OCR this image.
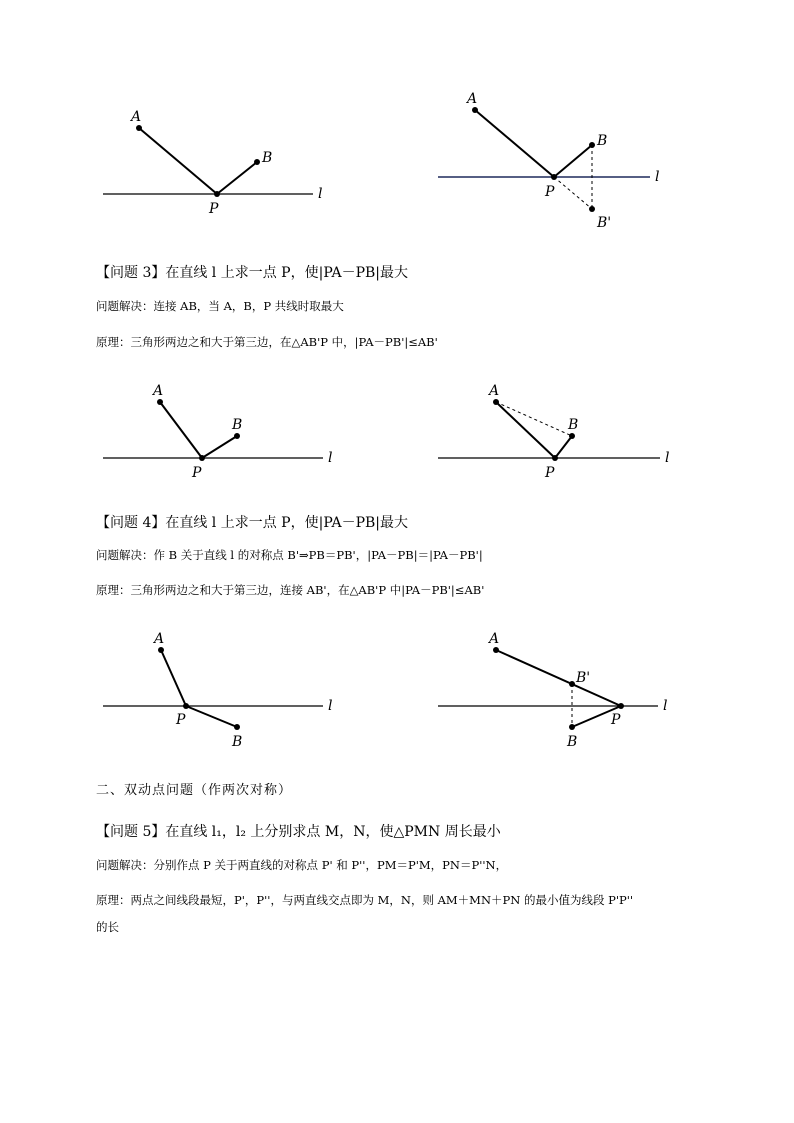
A
B
P
l
A
B
P
B'
l
A
B
P
l
A
B
P
l
A
B
P
l
A
B'
B
P
l
【问题 3】在直线 l 上求一点 P，使|PA－PB|最大
问题解决：连接 AB，当 A，B，P 共线时取最大
原理：三角形两边之和大于第三边，在△AB'P 中，|PA－PB'|≤AB'
【问题 4】在直线 l 上求一点 P，使|PA－PB|最大
问题解决：作 B 关于直线 l 的对称点 B'⇒PB＝PB'，|PA－PB|＝|PA－PB'|
原理：三角形两边之和大于第三边，连接 AB'，在△AB'P 中|PA－PB'|≤AB'
二、双动点问题（作两次对称）
【问题 5】在直线 l₁，l₂ 上分别求点 M，N，使△PMN 周长最小
问题解决：分别作点 P 关于两直线的对称点 P' 和 P''，PM＝P'M，PN＝P''N，
原理：两点之间线段最短，P'，P''，与两直线交点即为 M，N，则 AM＋MN＋PN 的最小值为线段 P'P''
的长
